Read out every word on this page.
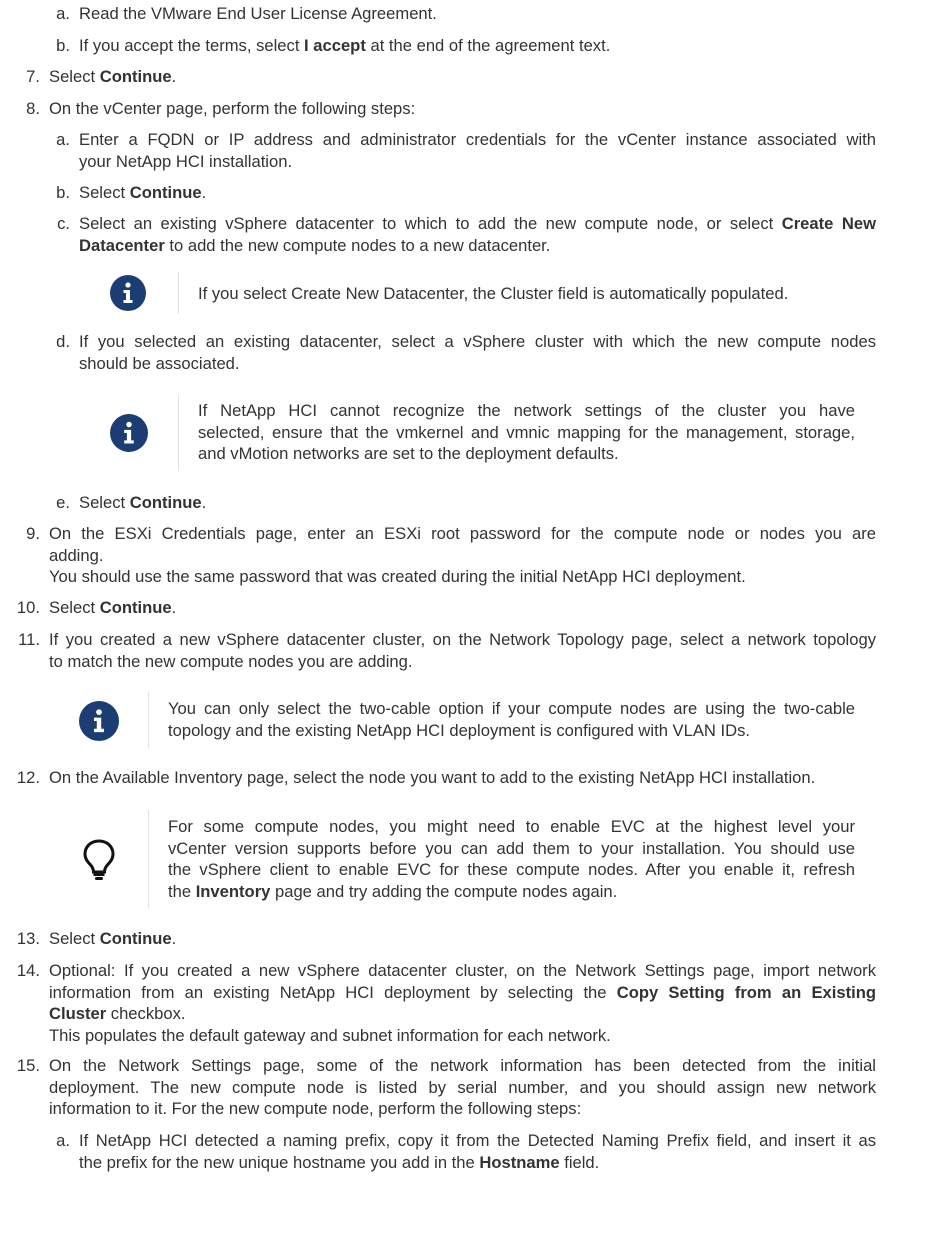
a. Read the VMware End User License Agreement.
b. If you accept the terms, select I accept at the end of the agreement text.
7. Select Continue.
8. On the vCenter page, perform the following steps:
a. Enter a FQDN or IP address and administrator credentials for the vCenter instance associated with
your NetApp HCI installation.
b. Select Continue.
c. Select an existing vSphere datacenter to which to add the new compute node, or select Create New
Datacenter to add the new compute nodes to a new datacenter.
If you select Create New Datacenter, the Cluster field is automatically populated.
d. If you selected an existing datacenter, select a vSphere cluster with which the new compute nodes
should be associated.
If NetApp HCI cannot recognize the network settings of the cluster you have
selected, ensure that the vmkernel and vmnic mapping for the management, storage,
and vMotion networks are set to the deployment defaults.
e. Select Continue.
9. On the ESXi Credentials page, enter an ESXi root password for the compute node or nodes you are
adding.
You should use the same password that was created during the initial NetApp HCI deployment.
10. Select Continue.
11. If you created a new vSphere datacenter cluster, on the Network Topology page, select a network topology
to match the new compute nodes you are adding.
You can only select the two-cable option if your compute nodes are using the two-cable
topology and the existing NetApp HCI deployment is configured with VLAN IDs.
12. On the Available Inventory page, select the node you want to add to the existing NetApp HCI installation.
For some compute nodes, you might need to enable EVC at the highest level your
vCenter version supports before you can add them to your installation. You should use
the vSphere client to enable EVC for these compute nodes. After you enable it, refresh
the Inventory page and try adding the compute nodes again.
13. Select Continue.
14. Optional: If you created a new vSphere datacenter cluster, on the Network Settings page, import network
information from an existing NetApp HCI deployment by selecting the Copy Setting from an Existing
Cluster checkbox.
This populates the default gateway and subnet information for each network.
15. On the Network Settings page, some of the network information has been detected from the initial
deployment. The new compute node is listed by serial number, and you should assign new network
information to it. For the new compute node, perform the following steps:
a. If NetApp HCI detected a naming prefix, copy it from the Detected Naming Prefix field, and insert it as
the prefix for the new unique hostname you add in the Hostname field.
